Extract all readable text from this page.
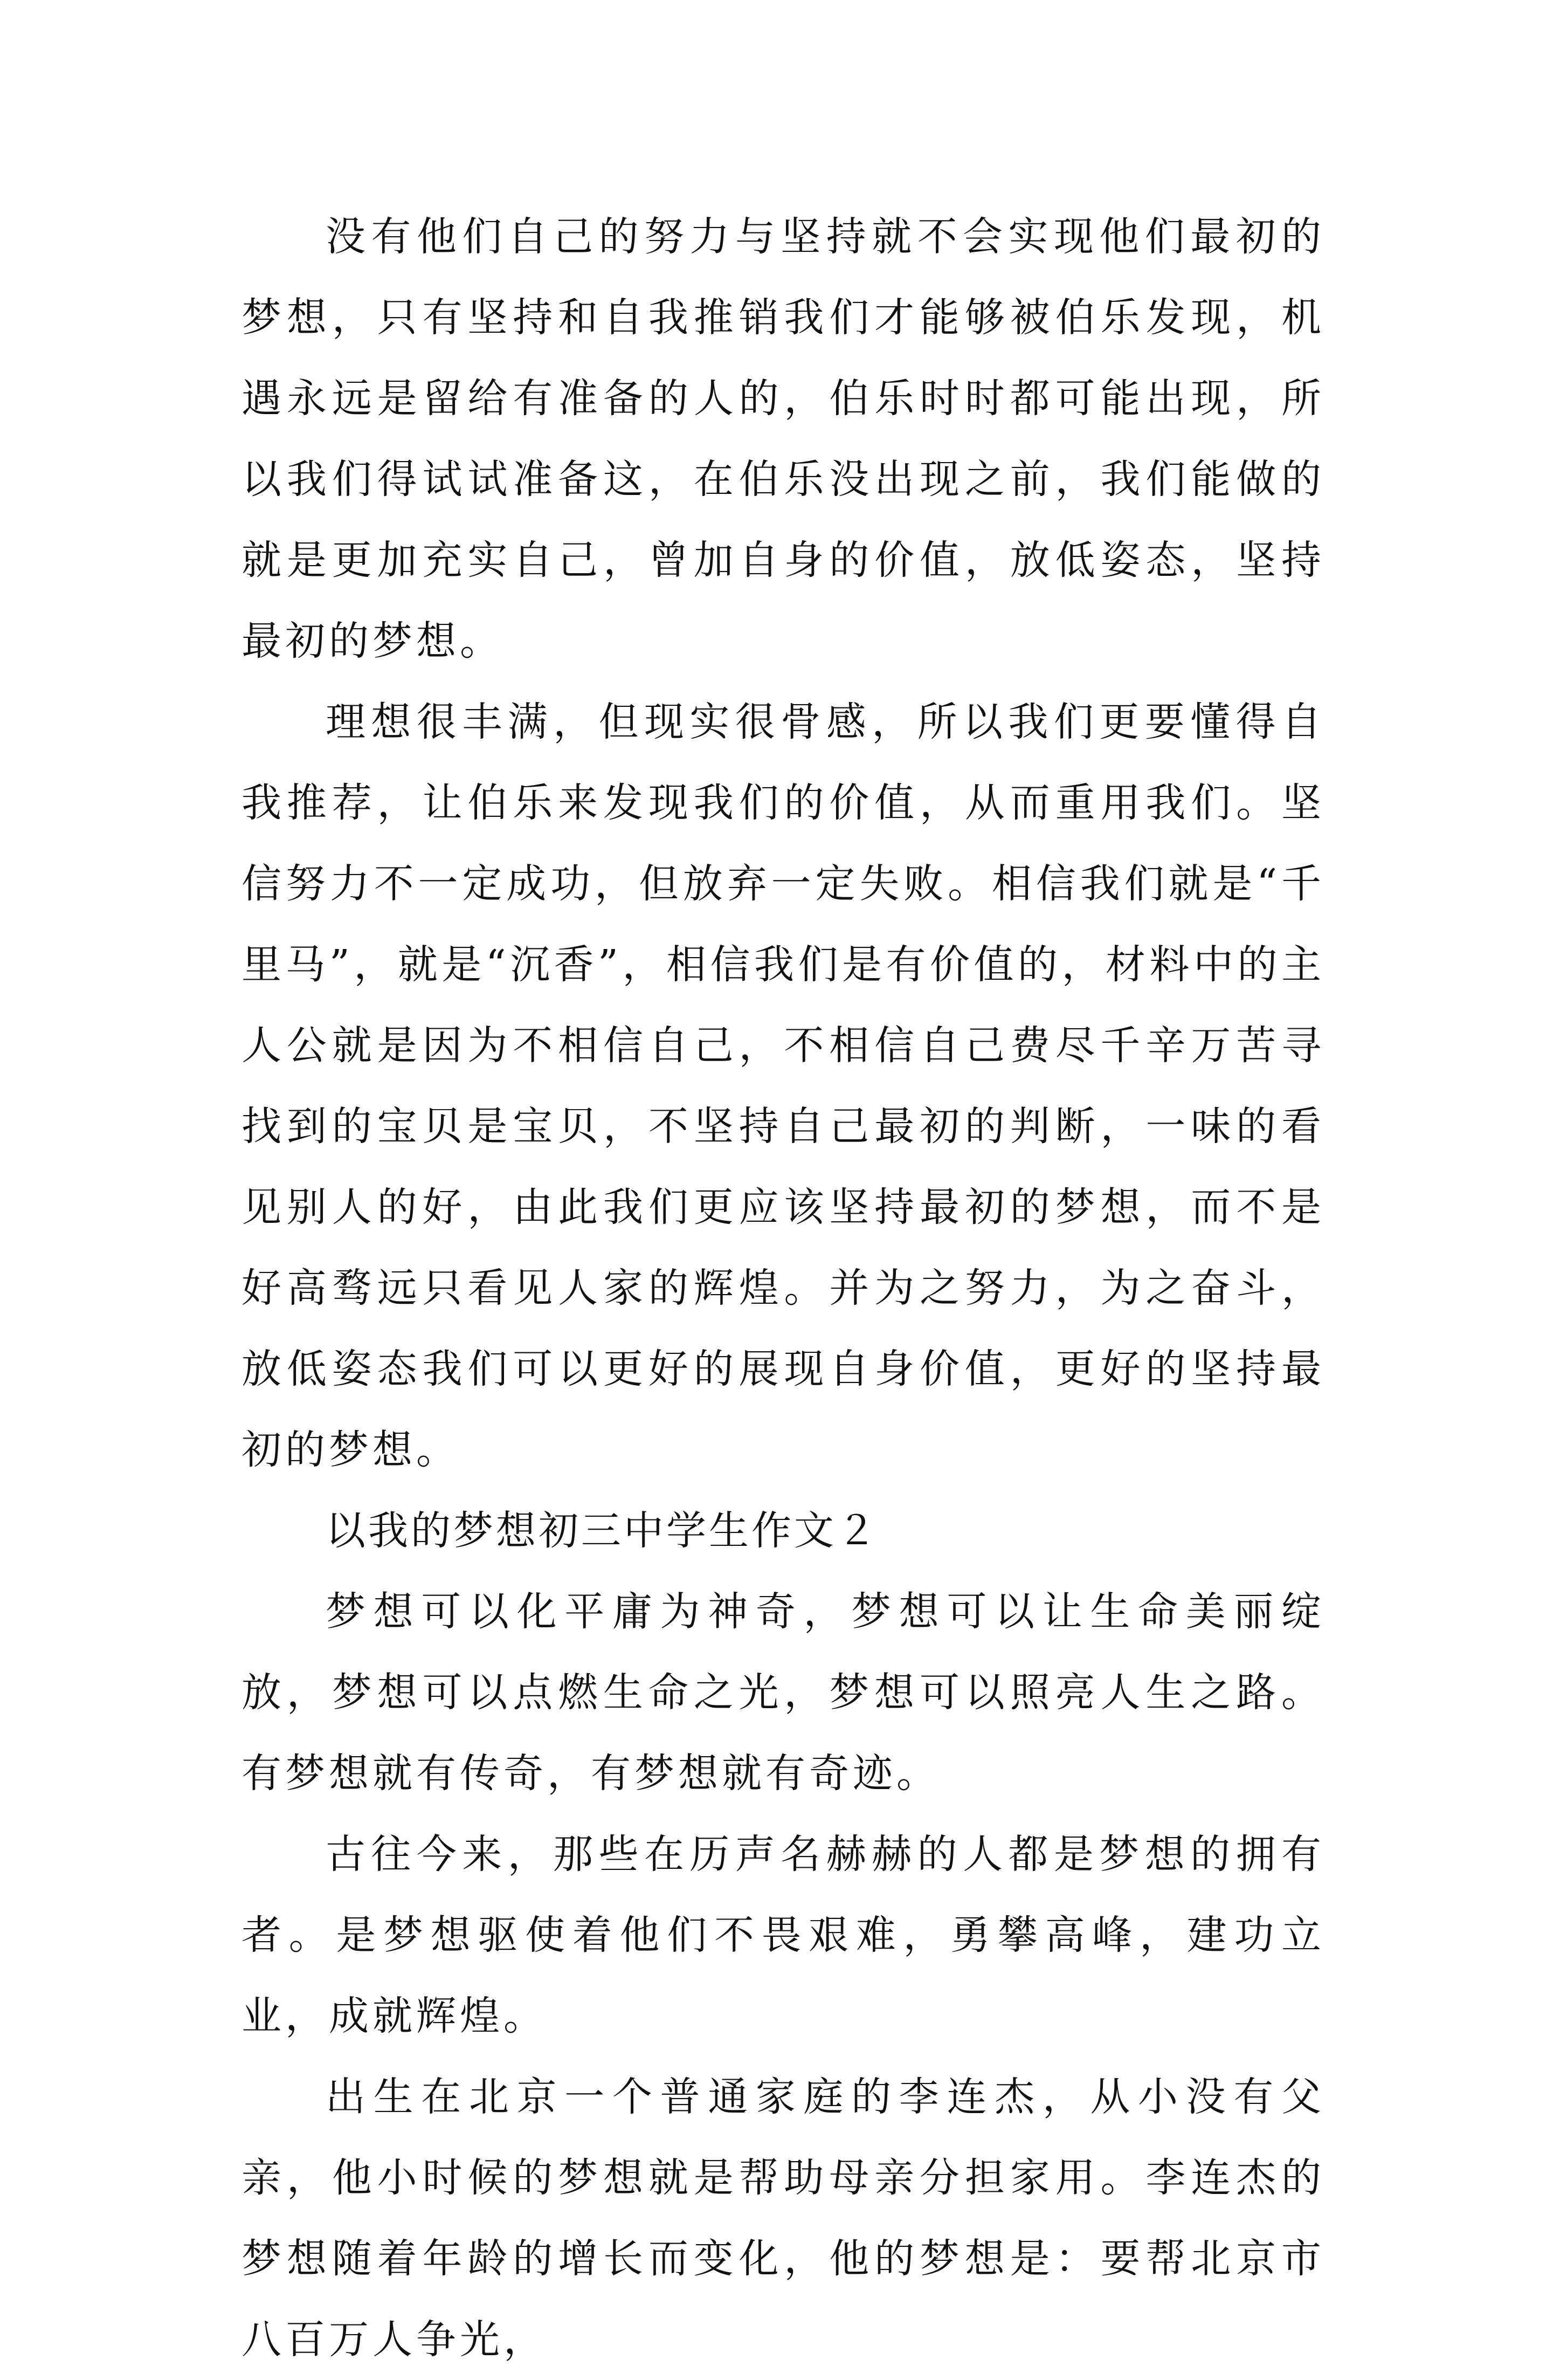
没有他们自己的努力与坚持就不会实现他们最初的梦想，只有坚持和自我推销我们才能够被伯乐发现，机遇永远是留给有准备的人的，伯乐时时都可能出现，所以我们得试试准备这，在伯乐没出现之前，我们能做的就是更加充实自己，曾加自身的价值，放低姿态，坚持最初的梦想。

理想很丰满，但现实很骨感，所以我们更要懂得自我推荐，让伯乐来发现我们的价值，从而重用我们。坚信努力不一定成功，但放弃一定失败。相信我们就是“千里马”，就是“沉香”，相信我们是有价值的，材料中的主人公就是因为不相信自己，不相信自己费尽千辛万苦寻找到的宝贝是宝贝，不坚持自己最初的判断，一味的看见别人的好，由此我们更应该坚持最初的梦想，而不是好高骛远只看见人家的辉煌。并为之努力，为之奋斗，放低姿态我们可以更好的展现自身价值，更好的坚持最初的梦想。

以我的梦想初三中学生作文２

梦想可以化平庸为神奇，梦想可以让生命美丽绽放，梦想可以点燃生命之光，梦想可以照亮人生之路。有梦想就有传奇，有梦想就有奇迹。

古往今来，那些在历声名赫赫的人都是梦想的拥有者。是梦想驱使着他们不畏艰难，勇攀高峰，建功立业，成就辉煌。

出生在北京一个普通家庭的李连杰，从小没有父亲，他小时候的梦想就是帮助母亲分担家用。李连杰的梦想随着年龄的增长而变化，他的梦想是：要帮北京市八百万人争光，
